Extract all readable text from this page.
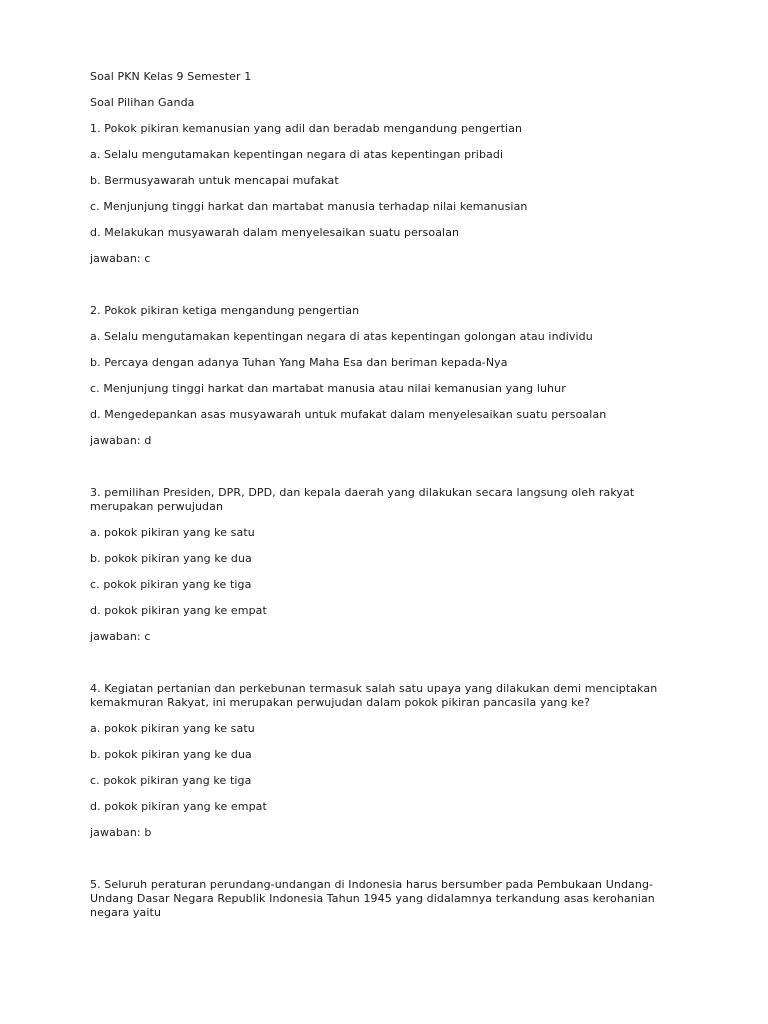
Soal PKN Kelas 9 Semester 1
Soal Pilihan Ganda
1. Pokok pikiran kemanusian yang adil dan beradab mengandung pengertian
a. Selalu mengutamakan kepentingan negara di atas kepentingan pribadi
b. Bermusyawarah untuk mencapai mufakat
c. Menjunjung tinggi harkat dan martabat manusia terhadap nilai kemanusian
d. Melakukan musyawarah dalam menyelesaikan suatu persoalan
jawaban: c
2. Pokok pikiran ketiga mengandung pengertian
a. Selalu mengutamakan kepentingan negara di atas kepentingan golongan atau individu
b. Percaya dengan adanya Tuhan Yang Maha Esa dan beriman kepada-Nya
c. Menjunjung tinggi harkat dan martabat manusia atau nilai kemanusian yang luhur
d. Mengedepankan asas musyawarah untuk mufakat dalam menyelesaikan suatu persoalan
jawaban: d
3. pemilihan Presiden, DPR, DPD, dan kepala daerah yang dilakukan secara langsung oleh rakyat merupakan perwujudan
a. pokok pikiran yang ke satu
b. pokok pikiran yang ke dua
c. pokok pikiran yang ke tiga
d. pokok pikiran yang ke empat
jawaban: c
4. Kegiatan pertanian dan perkebunan termasuk salah satu upaya yang dilakukan demi menciptakan kemakmuran Rakyat, ini merupakan perwujudan dalam pokok pikiran pancasila yang ke?
a. pokok pikiran yang ke satu
b. pokok pikiran yang ke dua
c. pokok pikiran yang ke tiga
d. pokok pikiran yang ke empat
jawaban: b
5. Seluruh peraturan perundang-undangan di Indonesia harus bersumber pada Pembukaan Undang-Undang Dasar Negara Republik Indonesia Tahun 1945 yang didalamnya terkandung asas kerohanian negara yaitu
